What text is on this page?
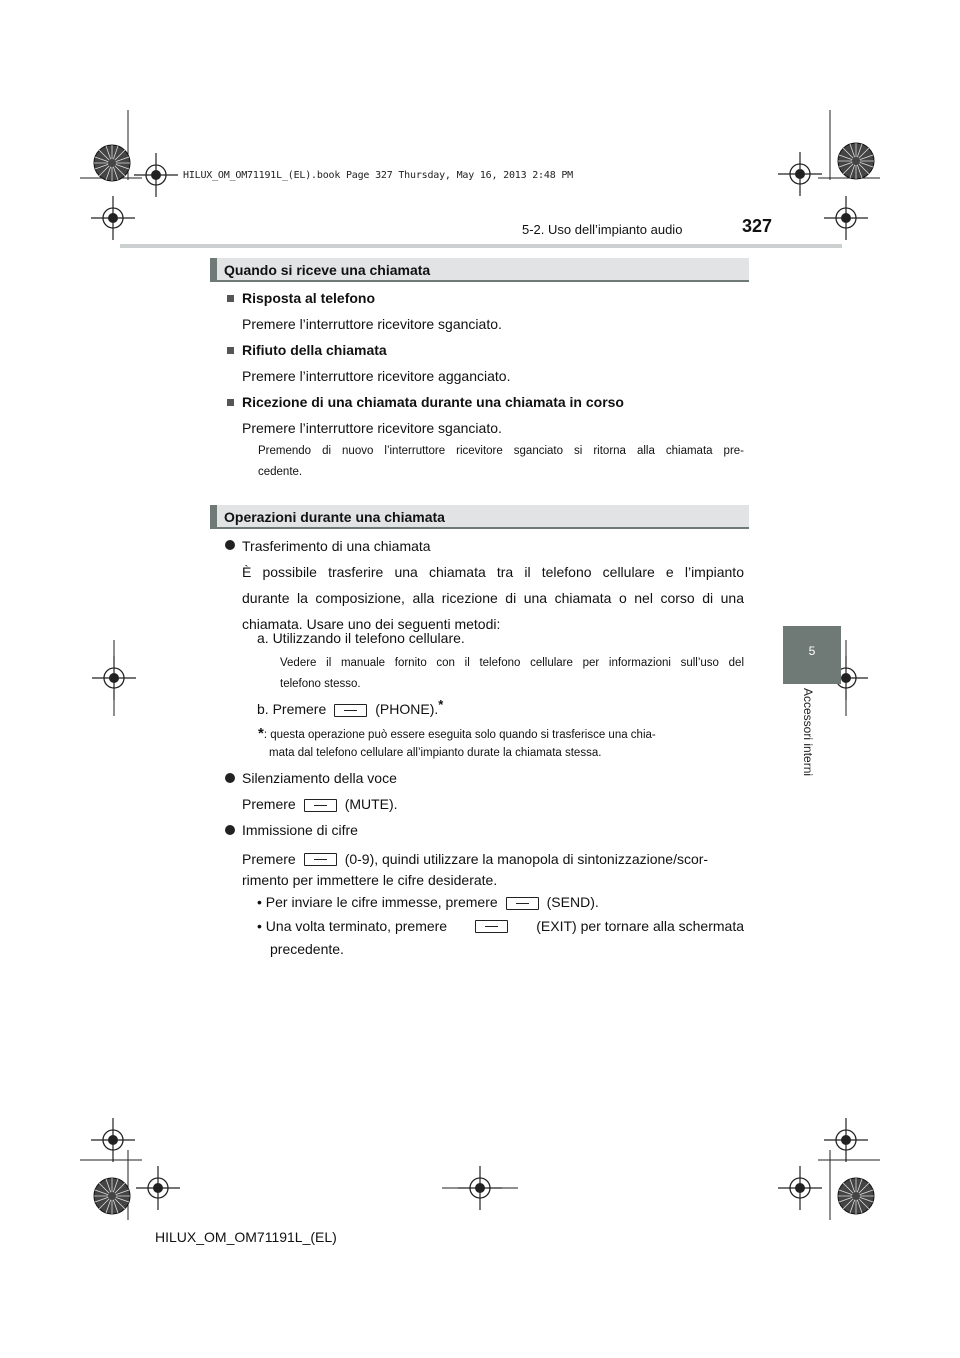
HILUX_OM_OM71191L_(EL).book Page 327 Thursday, May 16, 2013 2:48 PM
5-2. Uso dell’impianto audio	327
5
Accessori interni
Quando si riceve una chiamata
Risposta al telefono
Premere l’interruttore ricevitore sganciato.
Rifiuto della chiamata
Premere l’interruttore ricevitore agganciato.
Ricezione di una chiamata durante una chiamata in corso
Premere l’interruttore ricevitore sganciato.
Premendo di nuovo l’interruttore ricevitore sganciato si ritorna alla chiamata pre-
cedente.
Operazioni durante una chiamata
Trasferimento di una chiamata
È possibile trasferire una chiamata tra il telefono cellulare e l’impianto
durante la composizione, alla ricezione di una chiamata o nel corso di una
chiamata. Usare uno dei seguenti metodi:
a. Utilizzando il telefono cellulare.
Vedere il manuale fornito con il telefono cellulare per informazioni sull’uso del
telefono stesso.
b. Premere	(PHONE).*
*: questa operazione può essere eseguita solo quando si trasferisce una chia-
mata dal telefono cellulare all’impianto durate la chiamata stessa.
Silenziamento della voce
Premere	(MUTE).
Immissione di cifre
Premere	(0-9), quindi utilizzare la manopola di sintonizzazione/scor-
rimento per immettere le cifre desiderate.
• Per inviare le cifre immesse, premere	(SEND).
• Una volta terminato, premere	(EXIT) per tornare alla schermata
precedente.
HILUX_OM_OM71191L_(EL)
